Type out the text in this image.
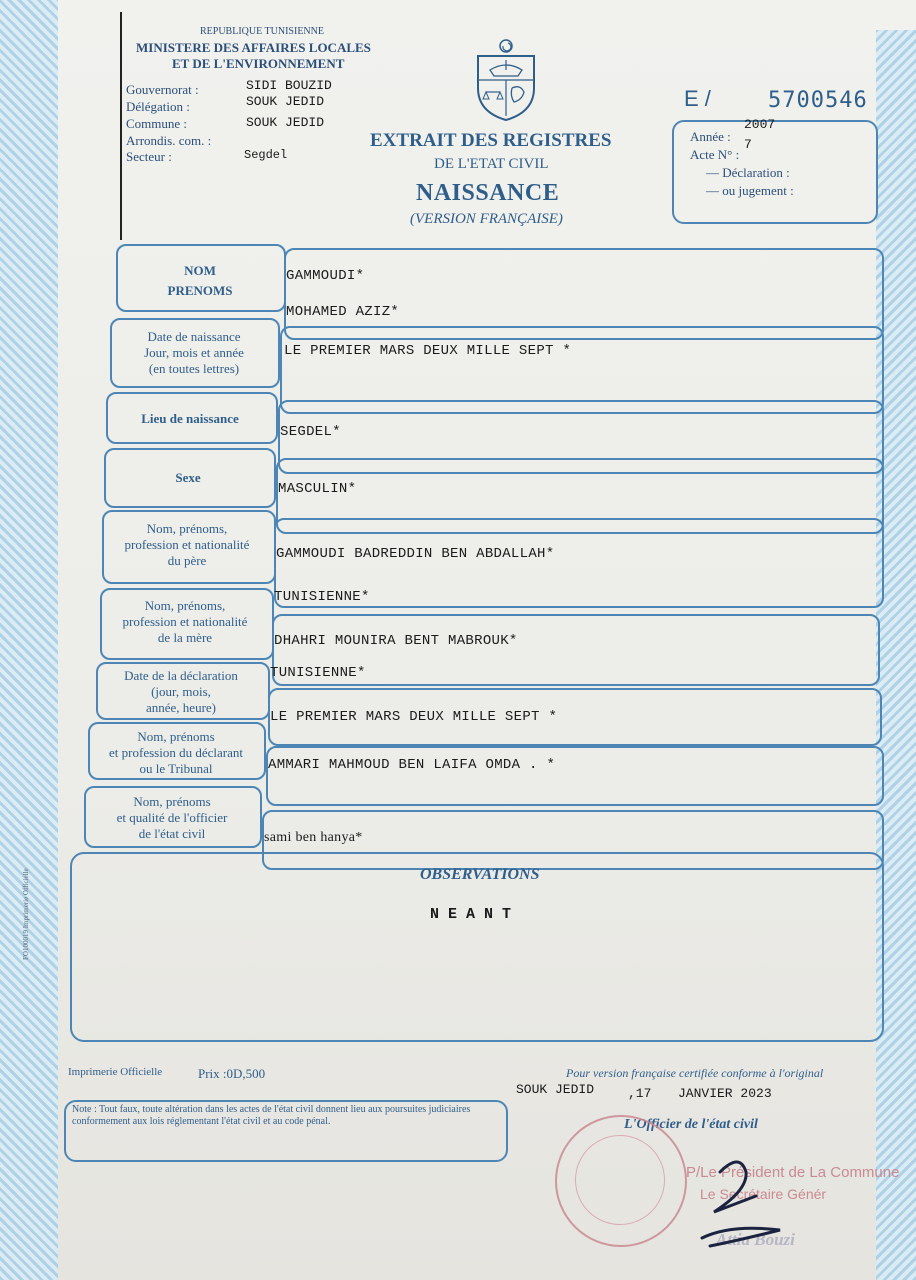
REPUBLIQUE TUNISIENNE
MINISTERE DES AFFAIRES LOCALES
ET DE L'ENVIRONNEMENT
Gouvernorat :	SIDI BOUZID
Délégation :	SOUK JEDID
Commune :	SOUK JEDID
Arrondis. com. :
Secteur :	Segdel
EXTRAIT DES REGISTRES
DE L'ETAT CIVIL
NAISSANCE
(VERSION FRANÇAISE)
E /	5700546
Année :
2007
Acte N° :
7
— Déclaration :
— ou jugement :
NOM
PRENOMS
GAMMOUDI*
MOHAMED AZIZ*
Date de naissance
Jour, mois et année
(en toutes lettres)
LE PREMIER MARS DEUX MILLE SEPT *
Lieu de naissance
SEGDEL*
Sexe
MASCULIN*
Nom, prénoms,
profession et nationalité
du père	GAMMOUDI BADREDDIN BEN ABDALLAH*
TUNISIENNE*
Nom, prénoms,
profession et nationalité
de la mère	DHAHRI MOUNIRA BENT MABROUK*
TUNISIENNE*
Date de la déclaration
(jour, mois,
année, heure)
LE PREMIER MARS DEUX MILLE SEPT *
Nom, prénoms
et profession du déclarant
ou le Tribunal	AMMARI MAHMOUD BEN LAIFA OMDA . *
Nom, prénoms
et qualité de l'officier
de l'état civil	sami ben hanya*
OBSERVATIONS
N E A N T
FO100019 Imprimerie Officielle
Imprimerie Officielle	Prix :0D,500	Pour version française certifiée conforme à l'original
SOUK JEDID	,17 JANVIER 2023
L'Officier de l'état civil
Note : Tout faux, toute altération dans les actes de l'état civil donnent lieu aux poursuites judiciaires conformement aux lois réglementant l'état civil et au code pénal.
P/Le Président de La Commune
Le Secrétaire Génér
Attia Bouzi
